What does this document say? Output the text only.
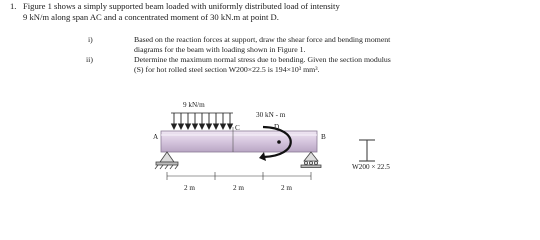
1. Figure 1 shows a simply supported beam loaded with uniformly distributed load of intensity
9 kN/m along span AC and a concentrated moment of 30 kN.m at point D.
i)	Based on the reaction forces at support, draw the shear force and bending moment
diagrams for the beam with loading shown in Figure 1.
ii)	Determine the maximum normal stress due to bending. Given the section modulus
(S) for hot rolled steel section W200×22.5 is 194×10³ mm³.
9 kN/m
30 kN - m
C	D
A	B
W200 × 22.5
2 m	2 m	2 m
